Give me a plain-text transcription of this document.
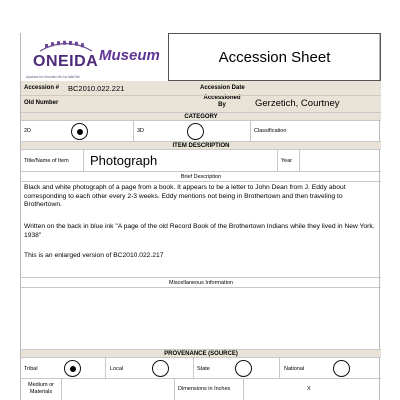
ONEIDA
Ayakwa·ka·ŝhuvatúˑnih ka·latlaˀtǽ
Museum	Accession Sheet
Accession # BC2010.022.221	Accession Date
Old Number
Accessioned By	Gerzetich, Courtney
CATEGORY
2D	3D	Classification
ITEM DESCRIPTION
Title/Name of Item Photograph	Year
Brief Description
Black and white photograph of a page from a book. It appears to be a letter to John Dean from J. Eddy about corresponding to each other every 2-3 weeks. Eddy mentions not being in Brothertown and then traveling to Brothertown.
Written on the back in blue ink "A page of the old Record Book of the Brothertown Indians while they lived in New York. 1938"
This is an enlarged version of BC2010.022.217
Miscellaneous Information
PROVENANCE (SOURCE)
Tribal	Local	State	National
Medium or Materials	Dimensions in Inches	X
